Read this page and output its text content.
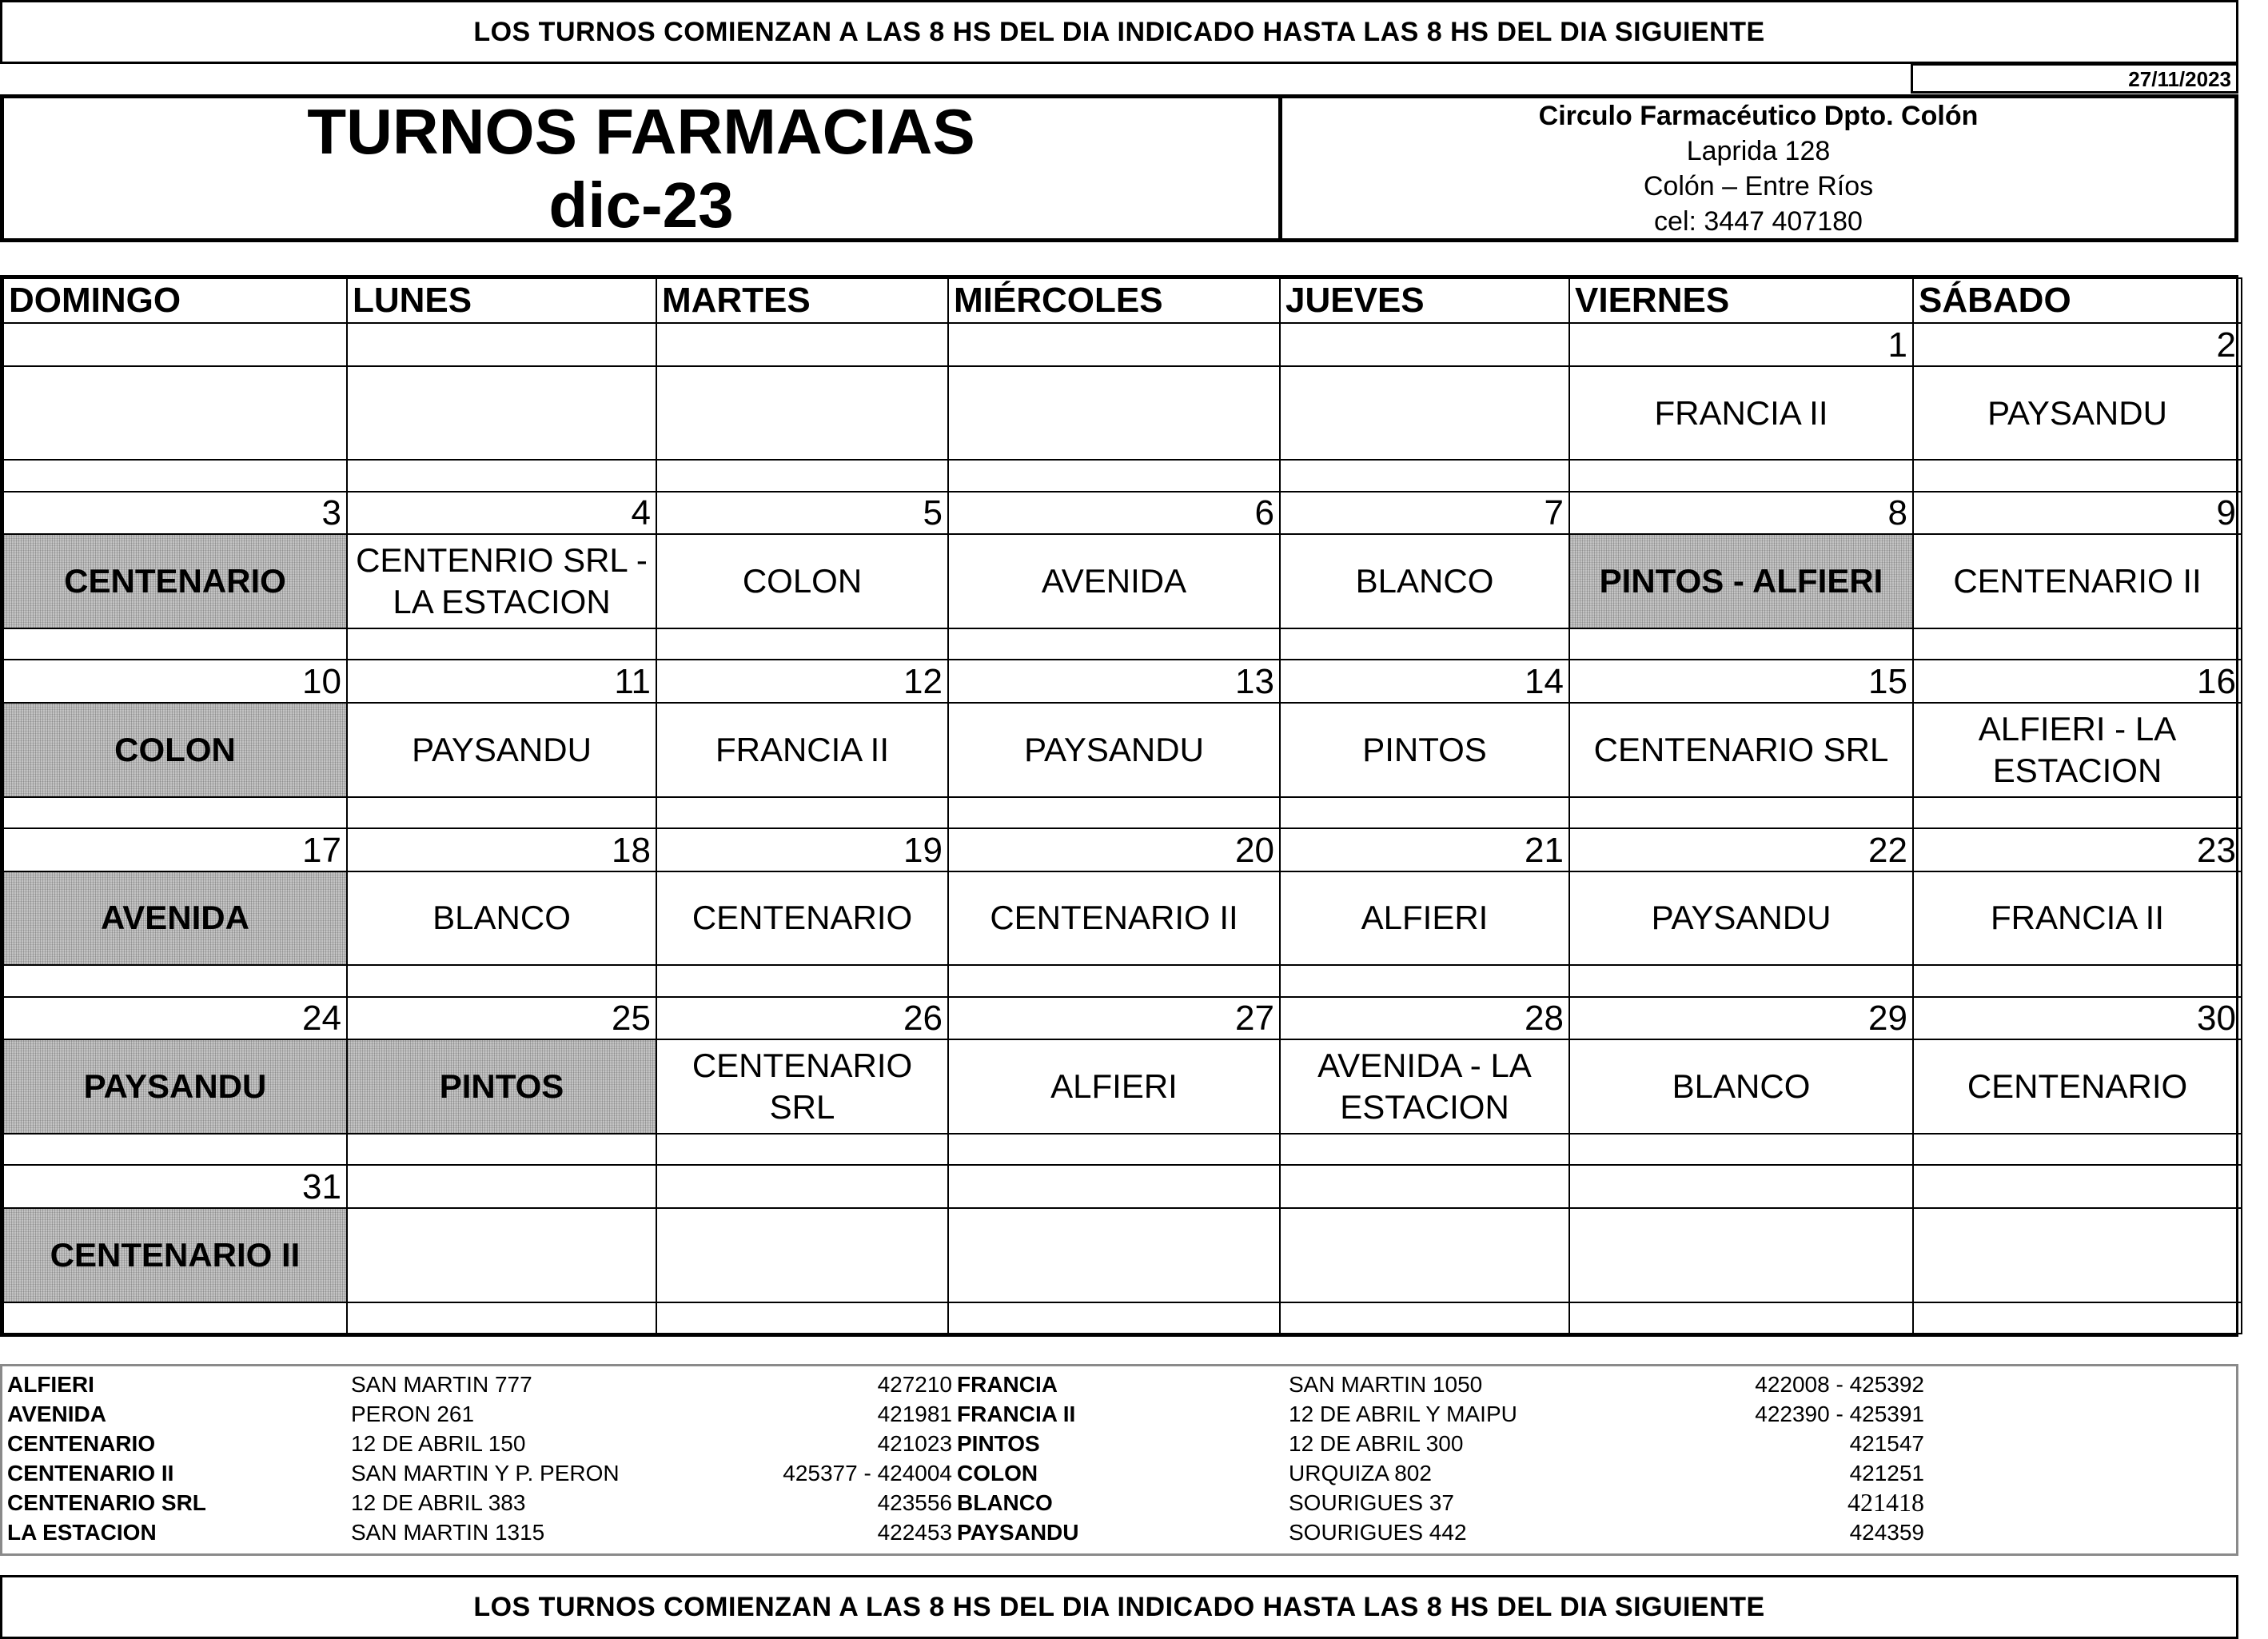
LOS TURNOS COMIENZAN A LAS 8 HS DEL DIA INDICADO HASTA LAS 8 HS DEL DIA SIGUIENTE
27/11/2023
TURNOS FARMACIAS
dic-23
Circulo Farmacéutico Dpto. Colón
Laprida 128
Colón – Entre Ríos
cel: 3447 407180
DOMINGO	LUNES	MARTES	MIÉRCOLES	JUEVES	VIERNES	SÁBADO
					1	2
					FRANCIA II	PAYSANDU

3	4	5	6	7	8	9
CENTENARIO	CENTENRIO SRL - LA ESTACION	COLON	AVENIDA	BLANCO	PINTOS - ALFIERI	CENTENARIO II

10	11	12	13	14	15	16
COLON	PAYSANDU	FRANCIA II	PAYSANDU	PINTOS	CENTENARIO SRL	ALFIERI - LA ESTACION

17	18	19	20	21	22	23
AVENIDA	BLANCO	CENTENARIO	CENTENARIO II	ALFIERI	PAYSANDU	FRANCIA II

24	25	26	27	28	29	30
PAYSANDU	PINTOS	CENTENARIO SRL	ALFIERI	AVENIDA - LA ESTACION	BLANCO	CENTENARIO

31						
CENTENARIO II						

ALFIERI	SAN MARTIN 777	427210	FRANCIA	SAN MARTIN 1050	422008 - 425392	
AVENIDA	PERON 261	421981	FRANCIA II	12 DE ABRIL Y MAIPU	422390 - 425391	
CENTENARIO	12 DE ABRIL 150	421023	PINTOS	12 DE ABRIL 300	421547	
CENTENARIO II	SAN MARTIN Y P. PERON	425377 - 424004	COLON	URQUIZA 802	421251	
CENTENARIO SRL	12 DE ABRIL 383	423556	BLANCO	SOURIGUES 37	421418	
LA ESTACION	SAN MARTIN 1315	422453	PAYSANDU	SOURIGUES 442	424359	
LOS TURNOS COMIENZAN A LAS 8 HS DEL DIA INDICADO HASTA LAS 8 HS DEL DIA SIGUIENTE
